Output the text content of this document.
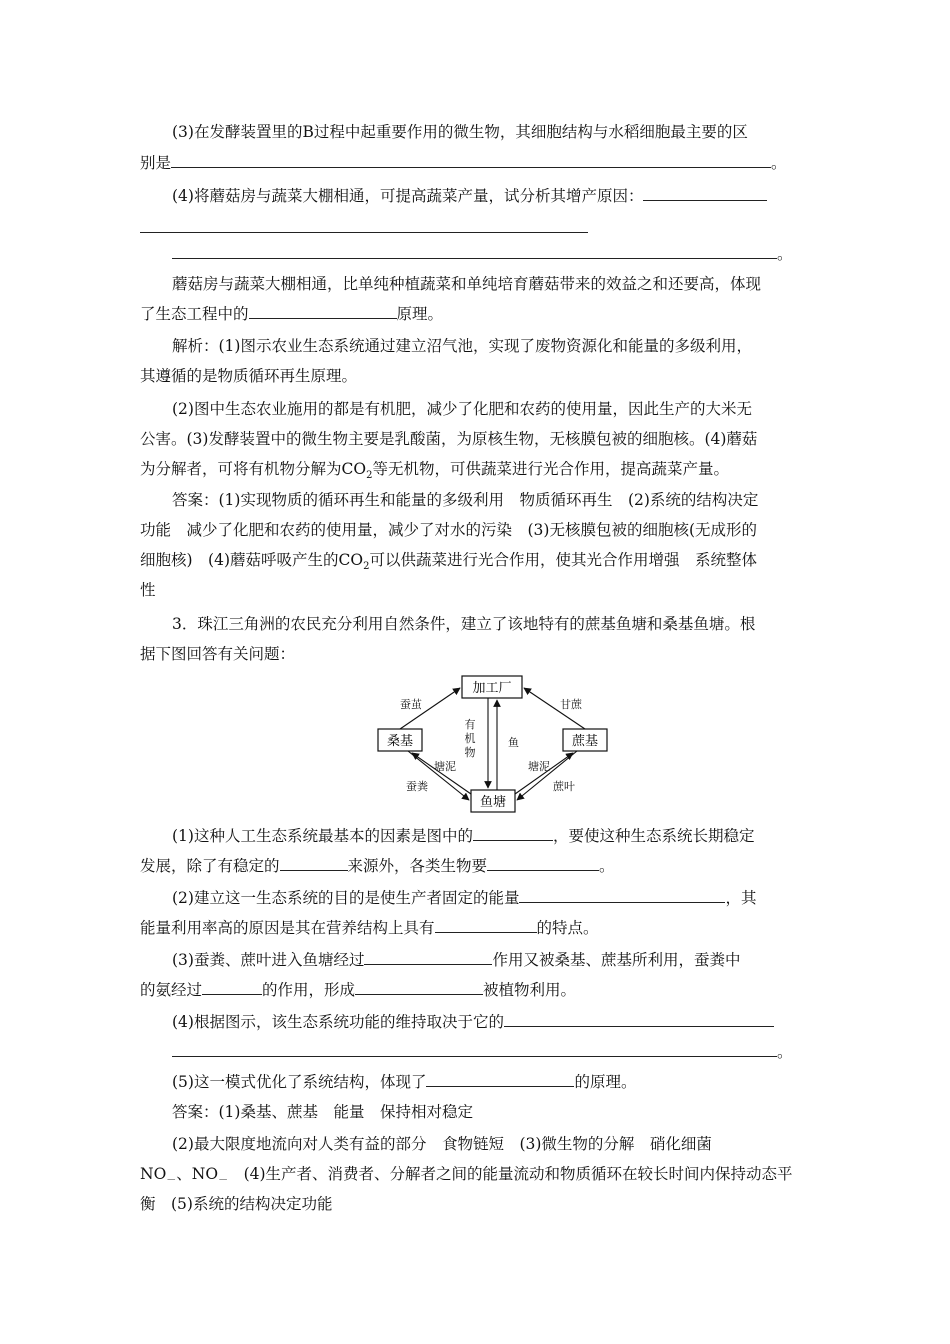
(3)在发酵装置里的B过程中起重要作用的微生物，其细胞结构与水稻细胞最主要的区
别是	。
(4)将蘑菇房与蔬菜大棚相通，可提高蔬菜产量，试分析其增产原因：
。
蘑菇房与蔬菜大棚相通，比单纯种植蔬菜和单纯培育蘑菇带来的效益之和还要高，体现
了生态工程中的	原理。
解析：(1)图示农业生态系统通过建立沼气池，实现了废物资源化和能量的多级利用，
其遵循的是物质循环再生原理。
(2)图中生态农业施用的都是有机肥，减少了化肥和农药的使用量，因此生产的大米无
公害。(3)发酵装置中的微生物主要是乳酸菌，为原核生物，无核膜包被的细胞核。(4)蘑菇
为分解者，可将有机物分解为$CO_2$等无机物，可供蔬菜进行光合作用，提高蔬菜产量。
答案：(1)实现物质的循环再生和能量的多级利用　物质循环再生　(2)系统的结构决定
功能　减少了化肥和农药的使用量，减少了对水的污染　(3)无核膜包被的细胞核(无成形的
细胞核)　(4)蘑菇呼吸产生的$CO_2$可以供蔬菜进行光合作用，使其光合作用增强　系统整体
性
3．珠江三角洲的农民充分利用自然条件，建立了该地特有的蔗基鱼塘和桑基鱼塘。根
据下图回答有关问题：
加工厂
桑基	蔗基
鱼塘
蚕茧	甘蔗
有
机
物
鱼
塘泥	塘泥
蚕粪	蔗叶
(1)这种人工生态系统最基本的因素是图中的	，要使这种生态系统长期稳定
发展，除了有稳定的	来源外，各类生物要	。
(2)建立这一生态系统的目的是使生产者固定的能量	，其
能量利用率高的原因是其在营养结构上具有	的特点。
(3)蚕粪、蔗叶进入鱼塘经过	作用又被桑基、蔗基所利用，蚕粪中
的氨经过	的作用，形成	被植物利用。
(4)根据图示，该生态系统功能的维持取决于它的
。
(5)这一模式优化了系统结构，体现了	的原理。
答案：(1)桑基、蔗基　能量　保持相对稳定
(2)最大限度地流向对人类有益的部分　食物链短　(3)微生物的分解　硝化细菌
$NO_-$、$NO_-$　(4)生产者、消费者、分解者之间的能量流动和物质循环在较长时间内保持动态平
衡　(5)系统的结构决定功能
